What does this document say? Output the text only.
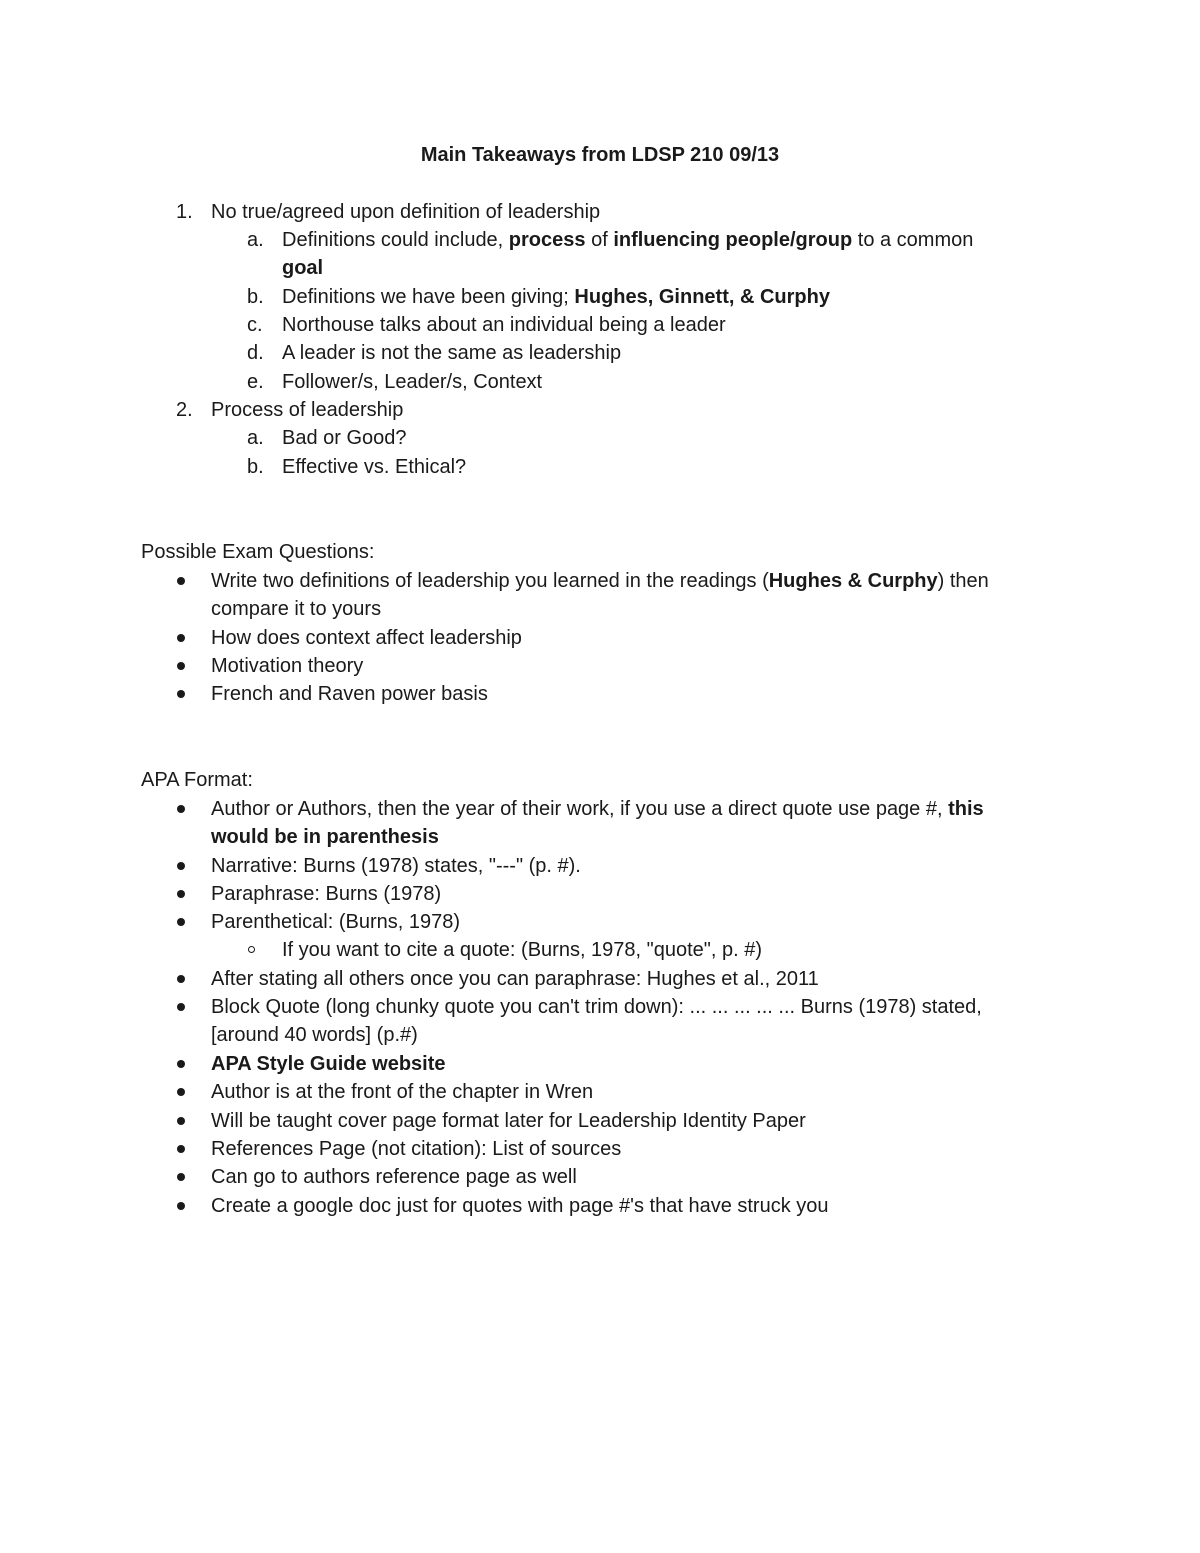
Main Takeaways from LDSP 210 09/13
1. No true/agreed upon definition of leadership
a. Definitions could include, process of influencing people/group to a common
goal
b. Definitions we have been giving; Hughes, Ginnett, & Curphy
c. Northouse talks about an individual being a leader
d. A leader is not the same as leadership
e. Follower/s, Leader/s, Context
2. Process of leadership
a. Bad or Good?
b. Effective vs. Ethical?
Possible Exam Questions:
Write two definitions of leadership you learned in the readings (Hughes & Curphy) then
compare it to yours
How does context affect leadership
Motivation theory
French and Raven power basis
APA Format:
Author or Authors, then the year of their work, if you use a direct quote use page #, this
would be in parenthesis
Narrative: Burns (1978) states, "---" (p. #).
Paraphrase: Burns (1978)
Parenthetical: (Burns, 1978)
If you want to cite a quote: (Burns, 1978, "quote", p. #)
After stating all others once you can paraphrase: Hughes et al., 2011
Block Quote (long chunky quote you can't trim down): ... ... ... ... ... Burns (1978) stated,
[around 40 words] (p.#)
APA Style Guide website
Author is at the front of the chapter in Wren
Will be taught cover page format later for Leadership Identity Paper
References Page (not citation): List of sources
Can go to authors reference page as well
Create a google doc just for quotes with page #'s that have struck you
